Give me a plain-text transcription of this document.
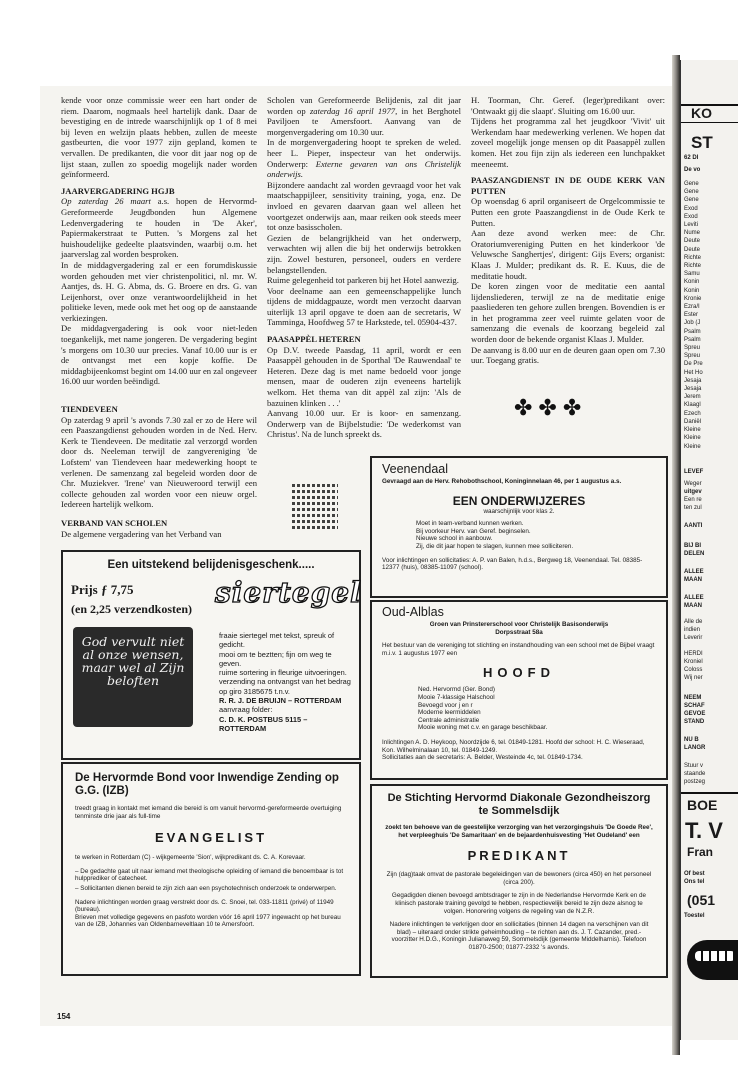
kende voor onze commissie weer een hart onder de riem. Daarom, nogmaals heel hartelijk dank. Daar de bevestiging en de intrede waarschijnlijk op 1 of 8 mei bij leven en welzijn plaats hebben, zullen de meeste gastbeurten, die voor 1977 zijn gepland, komen te vervallen. De predikanten, die voor dit jaar nog op de lijst staan, zullen zo spoedig mogelijk nader worden geïnformeerd.

JAARVERGADERING HGJB

Op zaterdag 26 maart a.s. hopen de Hervormd-Gereformeerde Jeugdbonden hun Algemene Ledenvergadering te houden in 'De Aker', Papiermakerstraat te Putten. 's Morgens zal het huishoudelijke gedeelte plaatsvinden, waarbij o.m. het jaarverslag zal worden besproken.

In de middagvergadering zal er een forumdiskussie worden gehouden met vier christenpolitici, nl. mr. W. Aantjes, ds. H. G. Abma, ds. G. Broere en drs. G. van Leijenhorst, over onze verantwoordelijkheid in het politieke leven, mede ook met het oog op de aanstaande verkiezingen.

De middagvergadering is ook voor niet-leden toegankelijk, met name jongeren. De vergadering begint 's morgens om 10.30 uur precies. Vanaf 10.00 uur is er de ontvangst met een kopje koffie. De middagbijeenkomst begint om 14.00 uur en zal ongeveer 16.00 uur worden beëindigd.

TIENDEVEEN

Op zaterdag 9 april 's avonds 7.30 zal er zo de Here wil een Paaszangdienst gehouden worden in de Ned. Herv. Kerk te Tiendeveen. De meditatie zal verzorgd worden door ds. Neeleman terwijl de zangvereniging 'de Lofstem' van Tiendeveen haar medewerking hoopt te verlenen. De samenzang zal begeleid worden door de Chr. Muziekver. 'Irene' van Nieuweroord terwijl een collecte gehouden zal worden voor een nieuw orgel. Iedereen hartelijk welkom.

VERBAND VAN SCHOLEN

De algemene vergadering van het Verband van

Scholen van Gereformeerde Belijdenis, zal dit jaar worden op zaterdag 16 april 1977, in het Berghotel Paviljoen te Amersfoort. Aanvang van de morgenvergadering om 10.30 uur.

In de morgenvergadering hoopt te spreken de weled. heer L. Pieper, inspecteur van het onderwijs. Onderwerp: Externe gevaren van ons Christelijk onderwijs.

Bijzondere aandacht zal worden gevraagd voor het vak maatschappijleer, sensitivity training, yoga, enz. De invloed en gevaren daarvan gaan wel alleen het voortgezet onderwijs aan, maar reiken ook steeds meer tot onze basisscholen.

Gezien de belangrijkheid van het onderwerp, verwachten wij allen die bij het onderwijs betrokken zijn. Zowel besturen, personeel, ouders en verdere belangstellenden.

Ruime gelegenheid tot parkeren bij het Hotel aanwezig.

Voor deelname aan een gemeenschappelijke lunch tijdens de middagpauze, wordt men verzocht daarvan uiterlijk 13 april opgave te doen aan de secretaris, W Tamminga, Hoofdweg 57 te Harkstede, tel. 05904-437.

PAASAPPÈL HETEREN

Op D.V. tweede Paasdag, 11 april, wordt er een Paasappèl gehouden in de Sporthal 'De Rauwendaal' te Heteren. Deze dag is met name bedoeld voor jonge mensen, maar de ouderen zijn eveneens hartelijk welkom. Het thema van dit appèl zal zijn: 'Als de bazuinen klinken . . .'

Aanvang 10.00 uur. Er is koor- en samenzang. Onderwerp van de Bijbelstudie: 'De wederkomst van Christus'. Na de lunch spreekt ds.

H. Toorman, Chr. Geref. (leger)predikant over: 'Ontwaakt gij die slaapt'. Sluiting om 16.00 uur.

Tijdens het programma zal het jeugdkoor 'Vivit' uit Werkendam haar medewerking verlenen. We hopen dat zoveel mogelijk jonge mensen op dit Paasappèl zullen komen. Het zou fijn zijn als iedereen een lunchpakket meeneemt.

PAASZANGDIENST IN DE OUDE KERK VAN PUTTEN

Op woensdag 6 april organiseert de Orgelcommissie te Putten een grote Paaszangdienst in de Oude Kerk te Putten.

Aan deze avond werken mee: de Chr. Oratoriumvereniging Putten en het kinderkoor 'de Veluwsche Sanghertjes', dirigent: Gijs Evers; organist: Klaas J. Mulder; predikant ds. R. E. Kuus, die de meditatie houdt.

De koren zingen voor de meditatie een aantal lijdensliederen, terwijl ze na de meditatie enige paasliederen ten gehore zullen brengen. Bovendien is er in het programma zeer veel ruimte gelaten voor de samenzang die evenals de koorzang begeleid zal worden door de bekende organist Klaas J. Mulder.

De aanvang is 8.00 uur en de deuren gaan open om 7.30 uur. Toegang gratis.

✤✤✤
Een uitstekend belijdenisgeschenk.....
Prijs ƒ 7,75
(en 2,25 verzendkosten) siertegel
God vervult niet al onze wensen, maar wel al Zijn beloften
fraaie siertegel met tekst, spreuk of gedicht.
mooi om te beztten; fijn om weg te geven.
ruime sortering in fleurige uitvoeringen.
verzending na ontvangst van het bedrag op giro 3185675 t.n.v.
R. R. J. DE BRUIJN – ROTTERDAM
aanvraag folder:
C. D. K. POSTBUS 5115 – ROTTERDAM
De Hervormde Bond voor Inwendige Zending op G.G. (IZB)
treedt graag in kontakt met iemand die bereid is om vanuit hervormd-gereformeerde overtuiging tenminste drie jaar als full-time
EVANGELIST
te werken in Rotterdam (C) - wijkgemeente 'Sion', wijkpredikant ds. C. A. Korevaar.
– De gedachte gaat uit naar iemand met theologische opleiding of iemand die benoembaar is tot hulpprediker of catecheet.
– Sollicitanten dienen bereid te zijn zich aan een psychotechnisch onderzoek te onderwerpen.
Nadere inlichtingen worden graag verstrekt door ds. C. Snoei, tel. 033-11811 (privé) of 11949 (bureau).
Brieven met volledige gegevens en pasfoto worden vóór 16 april 1977 ingewacht op het bureau van de IZB, Johannes van Oldenbarneveltlaan 10 te Amersfoort.
Veenendaal
Gevraagd aan de Herv. Rehobothschool, Koninginnelaan 46, per 1 augustus a.s.
EEN ONDERWIJZERES
waarschijnlijk voor klas 2.
Moet in team-verband kunnen werken.
Bij voorkeur Herv. van Geref. beginselen.
Nieuwe school in aanbouw.
Zij, die dit jaar hopen te slagen, kunnen mee solliciteren.
Voor inlichtingen en sollicitaties: A. P. van Balen, h.d.s., Bergweg 18, Veenendaal. Tel. 08385-12377 (huis), 08385-11097 (school).
Oud-Alblas
Groen van Prinstererschool voor Christelijk Basisonderwijs Dorpsstraat 58a
Het bestuur van de vereniging tot stichting en instandhouding van een school met de Bijbel vraagt m.i.v. 1 augustus 1977 een
HOOFD
Ned. Hervormd (Ger. Bond)
Mooie 7-klassige Halschool
Bevoegd voor j en r
Moderne leermiddelen
Centrale administratie
Mooie woning met c.v. en garage beschikbaar.
Inlichtingen A. D. Heykoop, Noordzijde 6, tel. 01849-1281. Hoofd der school: H. C. Wieseraad, Kon. Wilhelminalaan 10, tel. 01849-1249.
Sollicitaties aan de secretaris: A. Belder, Westeinde 4c, tel. 01849-1734.
De Stichting Hervormd Diakonale Gezondheiszorg te Sommelsdijk
zoekt ten behoeve van de geestelijke verzorging van het verzorgingshuis 'De Goede Ree', het verpleeghuis 'De Samaritaan' en de bejaardenhuisvesting 'Het Oudeland' een
PREDIKANT
Zijn (dag)taak omvat de pastorale begeleidingen van de bewoners (circa 450) en het personeel (circa 200).
Gegadigden dienen bevoegd ambtsdrager te zijn in de Nederlandse Hervormde Kerk en de klinisch pastorale training gevolgd te hebben, respectievelijk bereid te zijn deze alsnog te volgen. Honorering volgens de regeling van de N.Z.R.
Nadere inlichtingen te verkrijgen door en sollicitaties (binnen 14 dagen na verschijnen van dit blad) – uiteraard onder strikte geheimhouding – te richten aan ds. J. T. Cazander, pred.-voorzitter H.D.G., Koningin Julianaweg 59, Sommelsdijk (gemeente Middelharnis). Telefoon 01870-2500; 01877-2332 's avonds.
154
KO
ST
62 DI
De vo
Gene
Gene
Gene
Exod
Exod
Leviti
Nume
Deute
Deute
Richte
Richte
Samu
Konin
Konin
Kronie
Ezra/I
Ester
Job (J
Psalm
Psalm
Spreu
Spreu
De Pre
Het Ho
Jesaja
Jesaja
Jerem
Klaagl
Ezech
Daniël
Kleine
Kleine
Kleine
LEVEF
Weger
uitgev
Een re
ten zul
AANTI
BIJ BI
DELEN
ALLEE
MAAN
ALLEE
MAAN
Alle de
indien
Leverir
HERDI
Kroniel
Coloss
Wij ner
NEEM
SCHAF
GEVOE
STAND
NU B
LANGR
Stuur v
staande
postzeg
BOE
T. V
Fran
Of best
Ons tel
(051
Toestel
